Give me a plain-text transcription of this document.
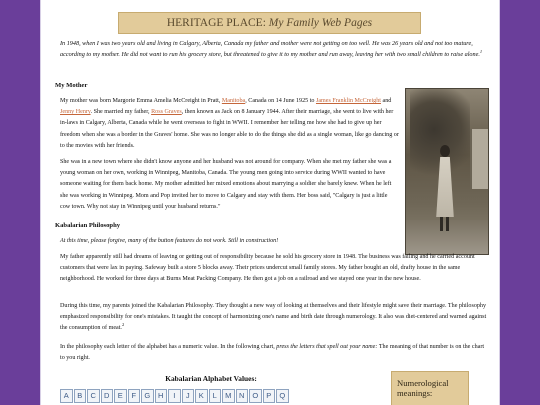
HERITAGE PLACE: My Family Web Pages
In 1948, when I was two years old and living in Calgary, Alberta, Canada my father and mother were not getting on too well. He was 26 years old and not too mature, according to my mother. He did not want to run his grocery store, but threatened to give it to my mother and run away, leaving her with two small children to raise alone.$^1$
My Mother
My mother was born Margorie Emma Amelia McCreight in Pratt, Manitoba, Canada on 14 June 1925 to James Franklin McCreight and Jenny Henry. She married my father, Ross Graves, then known as Jack on 8 January 1944. After their marriage, she went to live with her in-laws in Calgary, Alberta, Canada while he went overseas to fight in WWII. I remember her telling me how she had to give up her freedom when she was a border in the Graves' home. She was no longer able to do the things she did as a single woman, like go dancing or to the movies with her friends.
She was in a new town where she didn't know anyone and her husband was not around for company. When she met my father she was a young woman on her own, working in Winnipeg, Manitoba, Canada. The young men going into service during WWII wanted to have someone waiting for them back home. My mother admitted her mixed emotions about marrying a soldier she barely knew. When he left she was working in Winnipeg. Mom and Pop invited her to move to Calgary and stay with them. Her boss said, "Calgary is just a little cow town. Why not stay in Winnipeg until your husband returns."
Kabalarian Philosophy
At this time, please forgive, many of the button features do not work. Still in construction!
My father apparently still had dreams of leaving or getting out of responsibility because he sold his grocery store in 1948. The business was failing and he carried account customers that were lax in paying. Safeway built a store 5 blocks away. Their prices undercut small family stores. My father bought an old, drafty house in the same neighborhood. He worked for three days at Burns Meat Packing Company. He then got a job on a railroad and we stayed one year in the new house.
During this time, my parents joined the Kabalarian Philosophy. They thought a new way of looking at themselves and their lifestyle might save their marriage. The philosophy emphasized responsibility for one's mistakes. It taught the concept of harmonizing one's name and birth date through numerology. It also was diet-centered and warned against the consumption of meat.$^2$
In the philosophy each letter of the alphabet has a numeric value. In the following chart, press the letters that spell out your name: The meaning of that number is on the chart to you right.
Kabalarian Alphabet Values:
A	B	C	D	E	F	G	H	I	J	K	L	M	N	O	P	Q
Numerological meanings:
